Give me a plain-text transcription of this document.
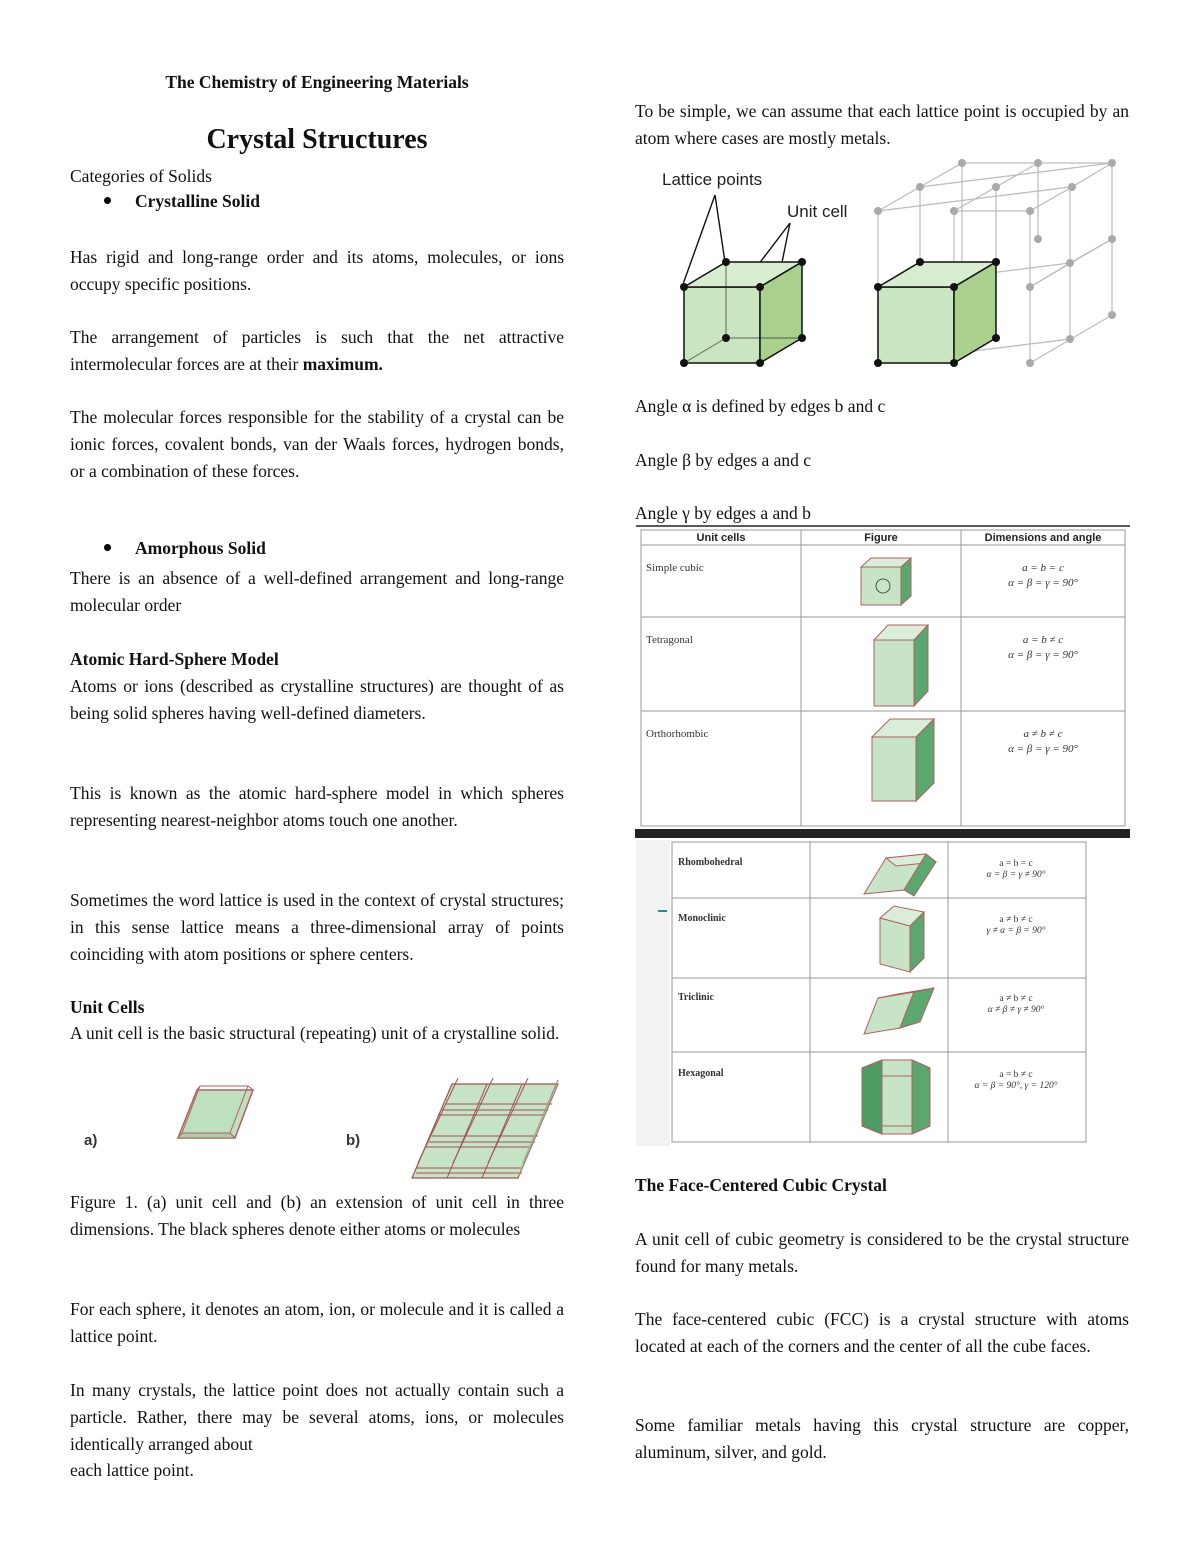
The Chemistry of Engineering Materials
Crystal Structures
Categories of Solids
Crystalline Solid

Has rigid and long-range order and its atoms, molecules, or ions occupy specific positions.

The arrangement of particles is such that the net attractive intermolecular forces are at their maximum.

The molecular forces responsible for the stability of a crystal can be ionic forces, covalent bonds, van der Waals forces, hydrogen bonds, or a combination of these forces.

Amorphous Solid

There is an absence of a well-defined arrangement and long-range molecular order

Atomic Hard-Sphere Model

Atoms or ions (described as crystalline structures) are thought of as being solid spheres having well-defined diameters.

This is known as the atomic hard-sphere model in which spheres representing nearest-neighbor atoms touch one another.

Sometimes the word lattice is used in the context of crystal structures; in this sense lattice means a three-dimensional array of points coinciding with atom positions or sphere centers.

Unit Cells

A unit cell is the basic structural (repeating) unit of a crystalline solid.

a)	b)

Figure 1. (a) unit cell and (b) an extension of unit cell in three dimensions. The black spheres denote either atoms or molecules

For each sphere, it denotes an atom, ion, or molecule and it is called a lattice point.

In many crystals, the lattice point does not actually contain such a particle. Rather, there may be several atoms, ions, or molecules identically arranged about
each lattice point.

To be simple, we can assume that each lattice point is occupied by an atom where cases are mostly metals.

Lattice points
Unit cell
Angle α is defined by edges b and c
Angle β by edges a and c
Angle γ by edges a and b
Unit cells	Figure	Dimensions and angle
Simple cubic	a = b = c
α = β = γ = 90°
Tetragonal	a = b ≠ c
α = β = γ = 90°
Orthorhombic	a ≠ b ≠ c
α = β = γ = 90°
Rhombohedral	a = b = c
α = β = γ ≠ 90°
Monoclinic	a ≠ b ≠ c
γ ≠ α = β = 90°
Triclinic	a ≠ b ≠ c
α ≠ β ≠ γ ≠ 90°
Hexagonal	a = b ≠ c
α = β = 90°, γ = 120°
The Face-Centered Cubic Crystal

A unit cell of cubic geometry is considered to be the crystal structure found for many metals.

The face-centered cubic (FCC) is a crystal structure with atoms located at each of the corners and the center of all the cube faces.

Some familiar metals having this crystal structure are copper, aluminum, silver, and gold.
